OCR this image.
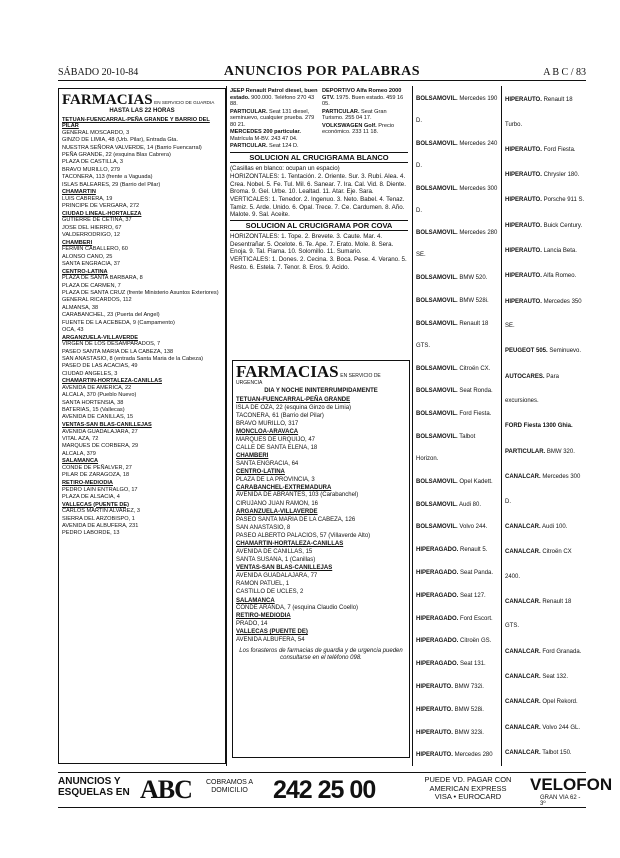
SÁBADO 20-10-84	ANUNCIOS POR PALABRAS	A B C / 83
FARMACIAS EN SERVICIO DE GUARDIA
HASTA LAS 22 HORAS
TETUAN-FUENCARRAL-PEÑA GRANDE Y BARRIO DEL PILAR

GENERAL MOSCARDO, 3

GINZO DE LIMIA, 48 (Urb. Pilar), Entrada Gta.

NUESTRA SEÑORA VALVERDE, 14 (Barrio Fuencarral)

PEÑA GRANDE, 22 (esquina Blas Cabrera)

PLAZA DE CASTILLA, 3

BRAVO MURILLO, 279

TACONERA, 113 (frente a Vaguada)

ISLAS BALEARES, 29 (Barrio del Pilar)

CHAMARTIN

LUIS CABRERA, 19

PRINCIPE DE VERGARA, 272

CIUDAD LINEAL-HORTALEZA

GUTIERRE DE CETINA, 37

JOSE DEL HIERRO, 67

VALDERRODRIGO, 12

CHAMBERI

FERMIN CABALLERO, 60

ALONSO CANO, 25

SANTA ENGRACIA, 37

CENTRO-LATINA

PLAZA DE SANTA BARBARA, 8

PLAZA DE CARMEN, 7

PLAZA DE SANTA CRUZ (frente Ministerio Asuntos Exteriores)

GENERAL RICARDOS, 112

ALMANSA, 38

CARABANCHEL, 23 (Puerta del Angel)

FUENTE DE LA ACEBEDA, 9 (Campamento)

OCA, 43

ARGANZUELA-VILLAVERDE

VIRGEN DE LOS DESAMPARADOS, 7

PASEO SANTA MARIA DE LA CABEZA, 138

SAN ANASTASIO, 8 (entrada Santa Maria de la Cabeza)

PASEO DE LAS ACACIAS, 49

CIUDAD ANGELES, 3

CHAMARTIN-HORTALEZA-CANILLAS

AVENIDA DE AMERICA, 22

ALCALA, 370 (Pueblo Nuevo)

SANTA HORTENSIA, 38

BATERIAS, 15 (Vallecas)

AVENIDA DE CANILLAS, 15

VENTAS-SAN BLAS-CANILLEJAS

AVENIDA GUADALAJARA, 27

VITAL AZA, 72

MARQUES DE CORBERA, 29

ALCALA, 379

SALAMANCA

CONDE DE PEÑALVER, 27

PILAR DE ZARAGOZA, 18

RETIRO-MEDIODIA

PEDRO LAIN ENTRALGO, 17

PLAZA DE ALSACIA, 4

VALLECAS (PUENTE DE)

CARLOS MARTIN ALVAREZ, 3

SIERRA DEL ARZOBISPO, 1

AVENIDA DE ALBUFERA, 231

PEDRO LABORDE, 13

JEEP Renault Patrol diesel, buen estado. 900.000. Teléfono 270 43 88.

PARTICULAR. Seat 131 diesel, seminuevo, cualquier prueba. 279 80 21.

MERCEDES 200 particular. Matrícula M-BV. 243 47 04.

PARTICULAR. Seat 124 D.

DEPORTIVO Alfa Romeo 2000 GTV. 1975. Buen estado. 459 16 05.

PARTICULAR. Seat Gran Turismo. 255 04 17.

VOLKSWAGEN Golf. Precio económico. 233 11 18.

SOLUCION AL CRUCIGRAMA BLANCO

(Casillas en blanco: ocupan un espacio)

HORIZONTALES: 1. Tentación. 2. Oriente. Sur. 3. Rubí. Alea. 4. Crea. Nobel. 5. Fe. Tul. Mil. 6. Sanear. 7. Ira. Cal. Vid. 8. Diente. Broma. 9. Gel. Urbe. 10. Lealtad. 11. Atar. Eje. Sara.

VERTICALES: 1. Tenedor. 2. Ingenuo. 3. Neto. Babel. 4. Tenaz. Tamiz. 5. Arde. Unido. 6. Opal. Trece. 7. Ce. Cardumen. 8. Año. Malote. 9. Sal. Aceite.

SOLUCION AL CRUCIGRAMA POR COVA

HORIZONTALES: 1. Tope. 2. Brevete. 3. Caute. Mar. 4. Desentrañar. 5. Ocelote. 6. Te. Ape. 7. Erato. Mole. 8. Sera. Enoja. 9. Tal. Flama. 10. Solomillo. 11. Sumario.

VERTICALES: 1. Dones. 2. Cecina. 3. Boca. Pese. 4. Verano. 5. Resto. 6. Estela. 7. Tenor. 8. Eros. 9. Acido.

FARMACIAS EN SERVICIO DE URGENCIA
DIA Y NOCHE ININTERRUMPIDAMENTE
TETUAN-FUENCARRAL-PEÑA GRANDE

ISLA DE OZA, 22 (esquina Ginzo de Limia)

TACONERA, 61 (Barrio del Pilar)

BRAVO MURILLO, 317

MONCLOA-ARAVACA

MARQUES DE URQUIJO, 47

CALLE DE SANTA ELENA, 18

CHAMBERI

SANTA ENGRACIA, 64

CENTRO-LATINA

PLAZA DE LA PROVINCIA, 3

CARABANCHEL-EXTREMADURA

AVENIDA DE ABRANTES, 103 (Carabanchel)

CIRUJANO JUAN RAMON, 16

ARGANZUELA-VILLAVERDE

PASEO SANTA MARIA DE LA CABEZA, 126

SAN ANASTASIO, 8

PASEO ALBERTO PALACIOS, 57 (Villaverde Alto)

CHAMARTIN-HORTALEZA-CANILLAS

AVENIDA DE CANILLAS, 15

SANTA SUSANA, 1 (Canillas)

VENTAS-SAN BLAS-CANILLEJAS

AVENIDA GUADALAJARA, 77

RAMON PATUEL, 1

CASTILLO DE UCLES, 2

SALAMANCA

CONDE ARANDA, 7 (esquina Claudio Coello)

RETIRO-MEDIODIA

PRADO, 14

VALLECAS (PUENTE DE)

AVENIDA ALBUFERA, 54

Los forasteros de farmacias de guardia y de urgencia pueden consultarse en el teléfono 098.

BOLSAMOVIL. Mercedes 190 D.

BOLSAMOVIL. Mercedes 240 D.

BOLSAMOVIL. Mercedes 300 D.

BOLSAMOVIL. Mercedes 280 SE.

BOLSAMOVIL. BMW 520.

BOLSAMOVIL. BMW 528i.

BOLSAMOVIL. Renault 18 GTS.

BOLSAMOVIL. Citroën CX.

BOLSAMOVIL. Seat Ronda.

BOLSAMOVIL. Ford Fiesta.

BOLSAMOVIL. Talbot Horizon.

BOLSAMOVIL. Opel Kadett.

BOLSAMOVIL. Audi 80.

BOLSAMOVIL. Volvo 244.

HIPERAGADO. Renault 5.

HIPERAGADO. Seat Panda.

HIPERAGADO. Seat 127.

HIPERAGADO. Ford Escort.

HIPERAGADO. Citroën GS.

HIPERAGADO. Seat 131.

HIPERAUTO. BMW 732i.

HIPERAUTO. BMW 528i.

HIPERAUTO. BMW 323i.

HIPERAUTO. Mercedes 280

HIPERAUTO. Renault 18 Turbo.

HIPERAUTO. Ford Fiesta.

HIPERAUTO. Chrysler 180.

HIPERAUTO. Porsche 911 S.

HIPERAUTO. Buick Century.

HIPERAUTO. Lancia Beta.

HIPERAUTO. Alfa Romeo.

HIPERAUTO. Mercedes 350 SE.

PEUGEOT 505. Seminuevo.

AUTOCARES. Para excursiones.

FORD Fiesta 1300 Ghia.

PARTICULAR. BMW 320.

CANALCAR. Mercedes 300 D.

CANALCAR. Audi 100.

CANALCAR. Citroën CX 2400.

CANALCAR. Renault 18 GTS.

CANALCAR. Ford Granada.

CANALCAR. Seat 132.

CANALCAR. Opel Rekord.

CANALCAR. Volvo 244 GL.

CANALCAR. Talbot 150.

ANUNCIOS Y
ESQUELAS EN ABC COBRAMOS A
DOMICILIO 242 25 00	PUEDE VD. PAGAR CON
AMERICAN EXPRESS
VISA • EUROCARD
VELOFON
GRAN VIA 62 - 3º
